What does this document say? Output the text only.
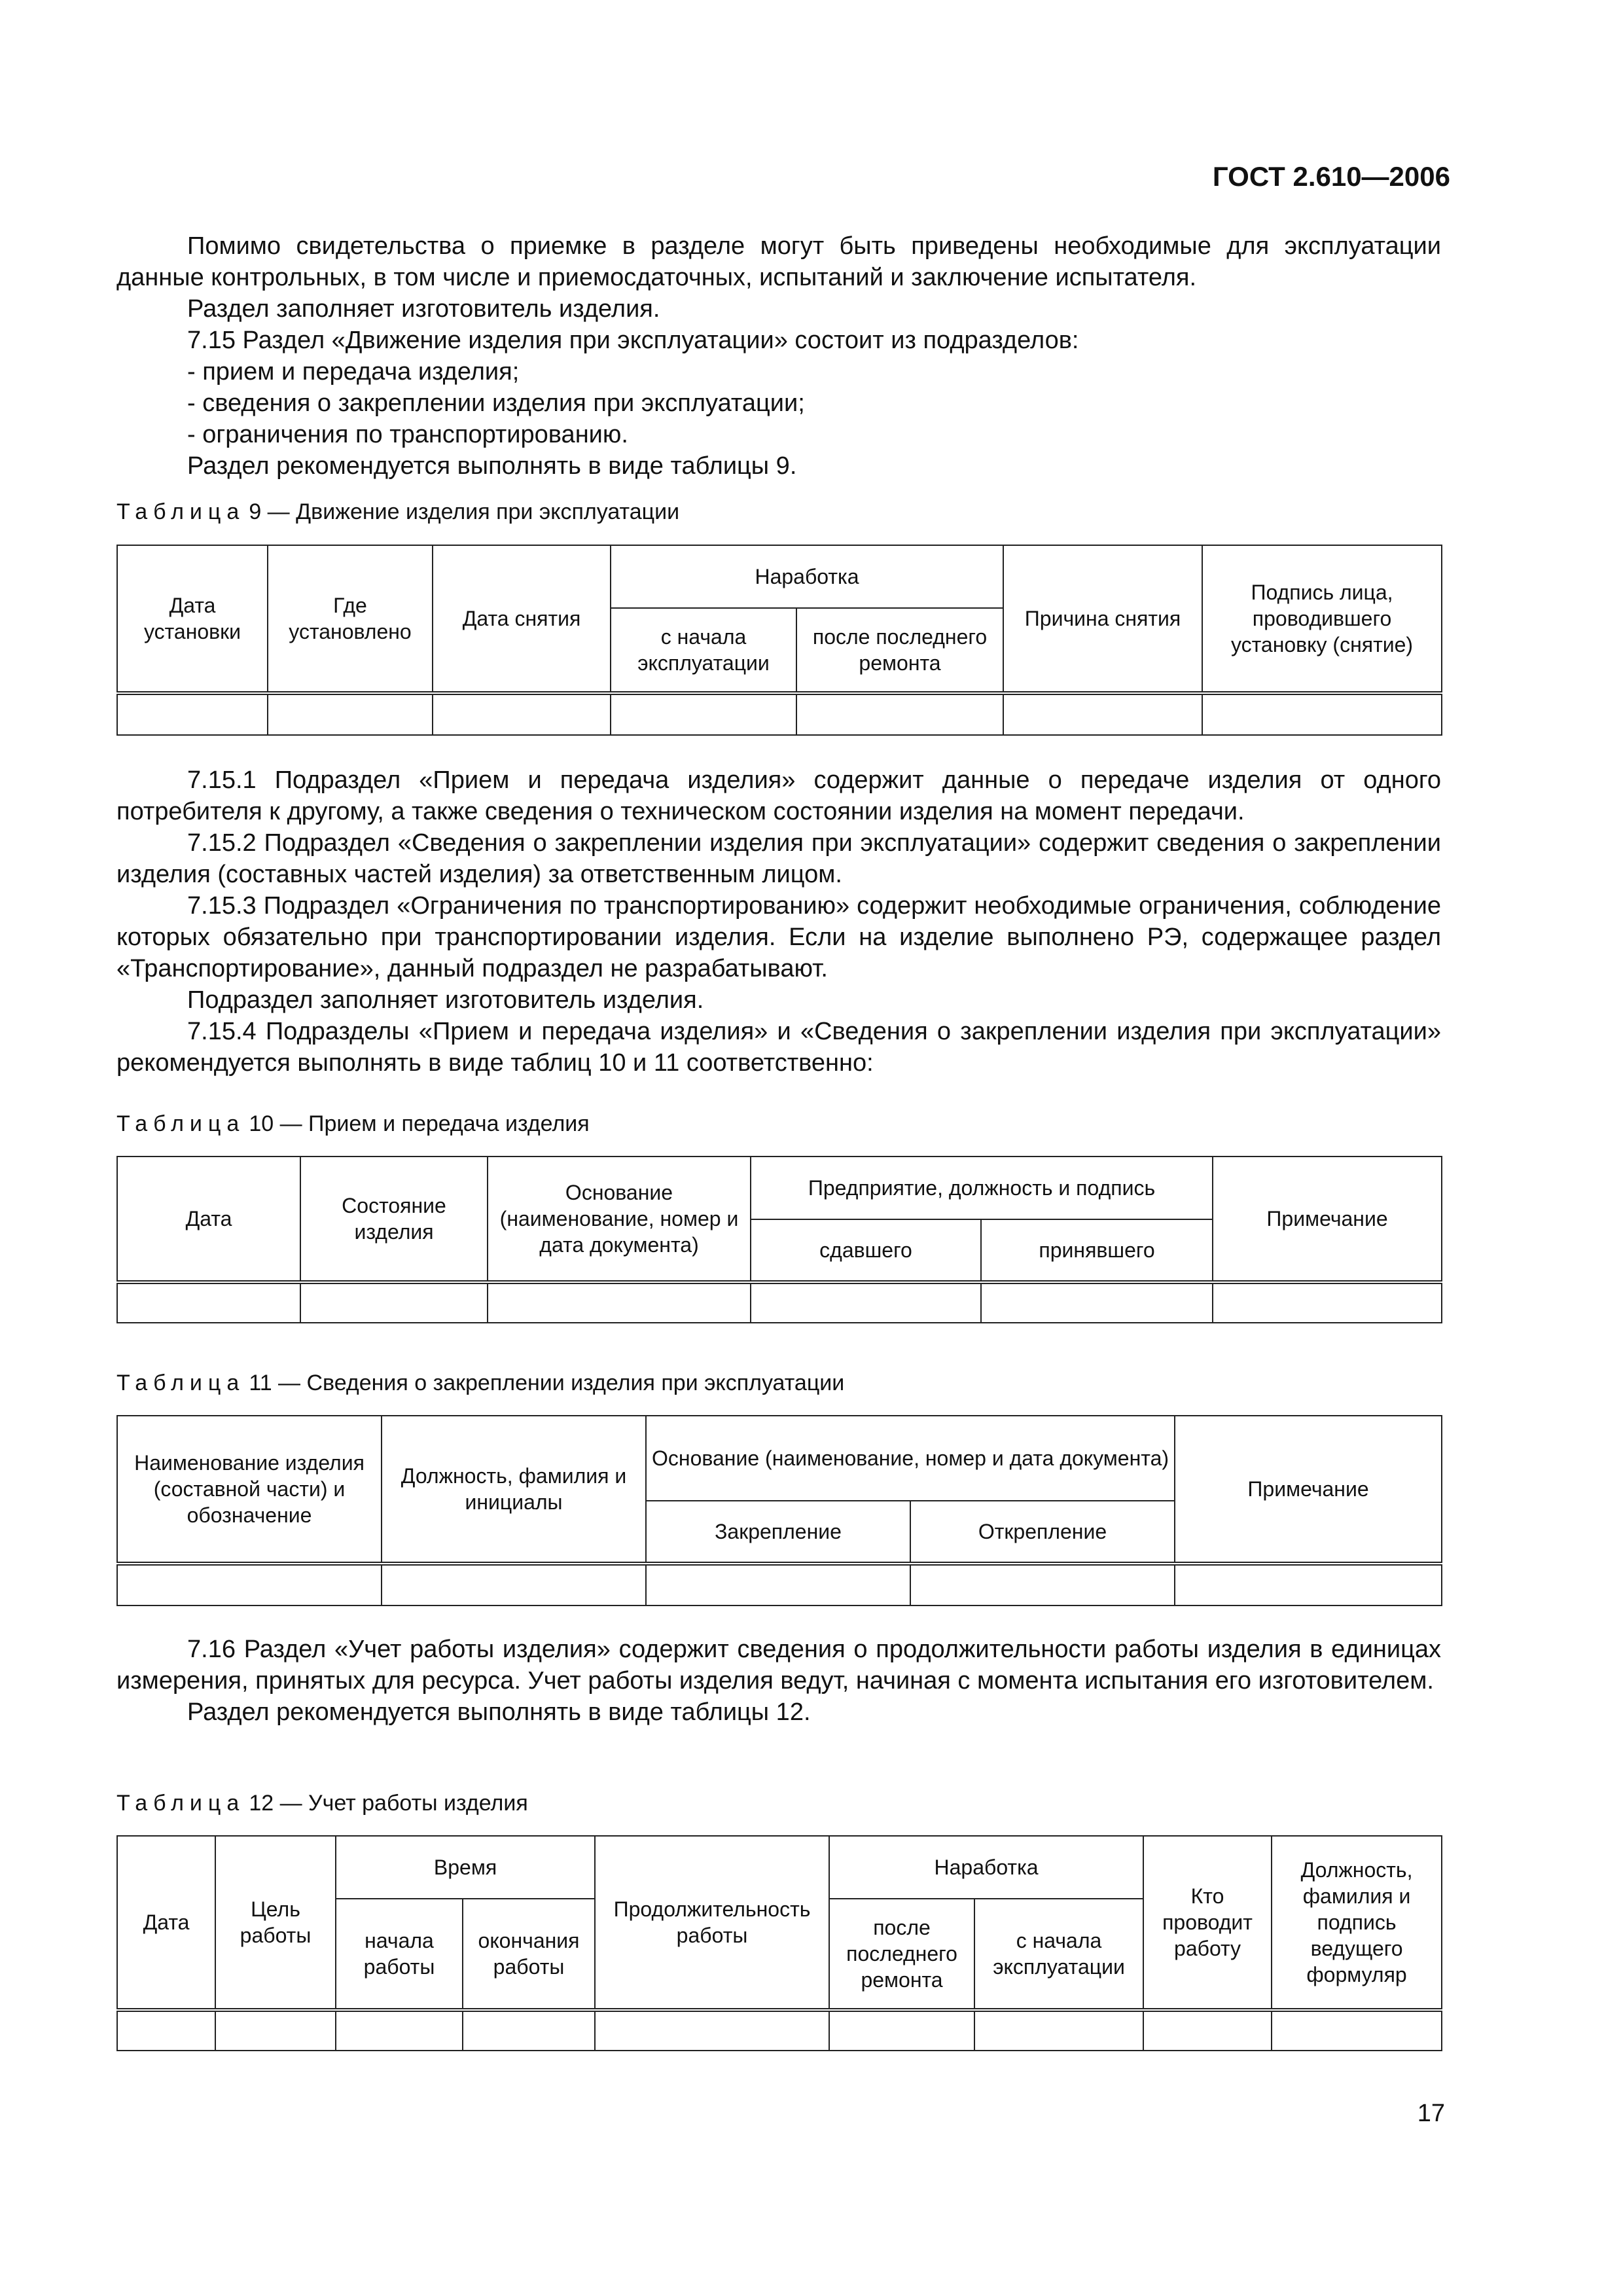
ГОСТ 2.610—2006

Помимо свидетельства о приемке в разделе могут быть приведены необходимые для эксплуатации данные контрольных, в том числе и приемосдаточных, испытаний и заключение испытателя.

Раздел заполняет изготовитель изделия.

7.15 Раздел «Движение изделия при эксплуатации» состоит из подразделов:

- прием и передача изделия;

- сведения о закреплении изделия при эксплуатации;

- ограничения по транспортированию.

Раздел рекомендуется выполнять в виде таблицы 9.

Таблица 9 — Движение изделия при эксплуатации
Дата установки	Где установлено	Дата снятия	Наработка		Причина снятия	Подпись лица, проводившего установку (снятие)
			с начала эксплуатации	после последнего ремонта		

7.15.1 Подраздел «Прием и передача изделия» содержит данные о передаче изделия от одного потребителя к другому, а также сведения о техническом состоянии изделия на момент передачи.

7.15.2 Подраздел «Сведения о закреплении изделия при эксплуатации» содержит сведения о закреплении изделия (составных частей изделия) за ответственным лицом.

7.15.3 Подраздел «Ограничения по транспортированию» содержит необходимые ограничения, соблюдение которых обязательно при транспортировании изделия. Если на изделие выполнено РЭ, содержащее раздел «Транспортирование», данный подраздел не разрабатывают.

Подраздел заполняет изготовитель изделия.

7.15.4 Подразделы «Прием и передача изделия» и «Сведения о закреплении изделия при эксплуатации» рекомендуется выполнять в виде таблиц 10 и 11 соответственно:

Таблица 10 — Прием и передача изделия
Дата	Состояние изделия	Основание (наименование, номер и дата документа)	Предприятие, должность и подпись		Примечание
			сдавшего	принявшего	

Таблица 11 — Сведения о закреплении изделия при эксплуатации
Наименование изделия (составной части) и обозначение	Должность, фамилия и инициалы	Основание (наименование, номер и дата документа)		Примечание
		Закрепление	Открепление	

7.16 Раздел «Учет работы изделия» содержит сведения о продолжительности работы изделия в единицах измерения, принятых для ресурса. Учет работы изделия ведут, начиная с момента испытания его изготовителем.

Раздел рекомендуется выполнять в виде таблицы 12.

Таблица 12 — Учет работы изделия
Дата	Цель работы	Время		Продолжительность работы	Наработка		Кто проводит работу	Должность, фамилия и подпись ведущего формуляр
		начала работы	окончания работы		после последнего ремонта	с начала эксплуатации		

17
